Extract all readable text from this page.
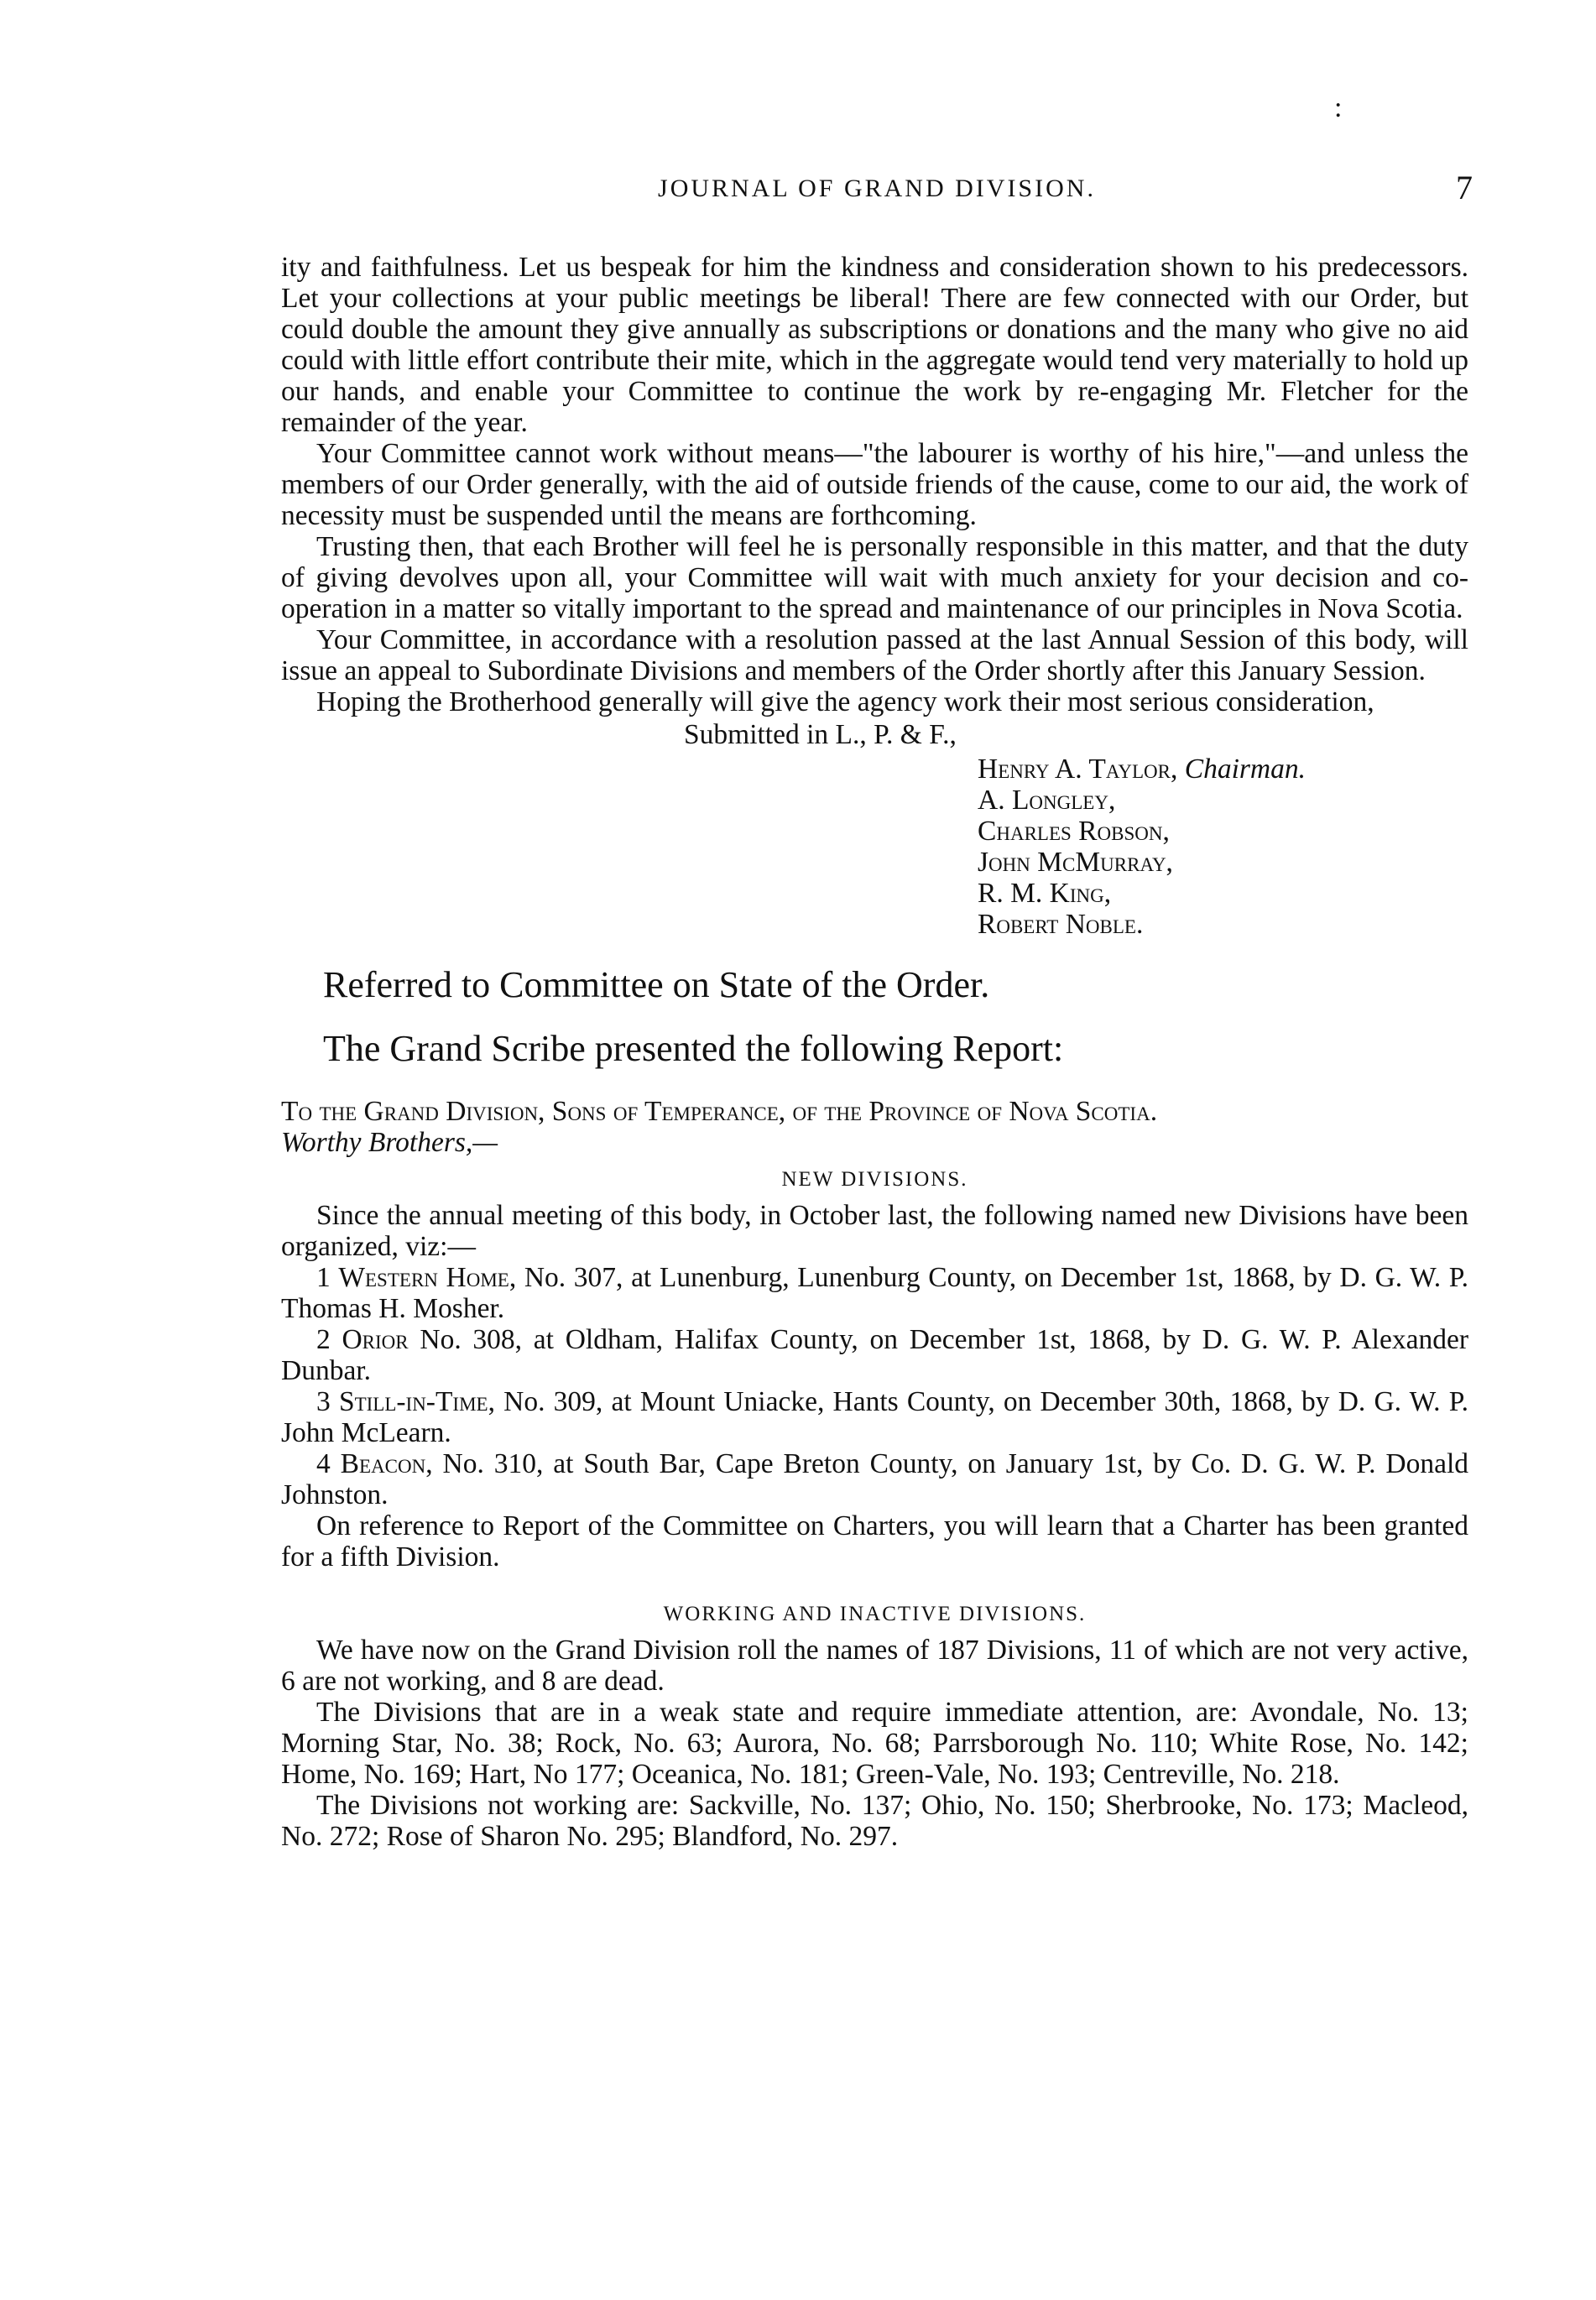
:
JOURNAL OF GRAND DIVISION.	7

ity and faithfulness. Let us bespeak for him the kindness and consideration shown to his predecessors. Let your collections at your public meetings be liberal! There are few connected with our Order, but could double the amount they give annually as subscriptions or donations and the many who give no aid could with little effort contribute their mite, which in the aggregate would tend very materially to hold up our hands, and enable your Committee to continue the work by re-engaging Mr. Fletcher for the remainder of the year.

Your Committee cannot work without means—"the labourer is worthy of his hire,"—and unless the members of our Order generally, with the aid of outside friends of the cause, come to our aid, the work of necessity must be suspended until the means are forthcoming.

Trusting then, that each Brother will feel he is personally responsible in this matter, and that the duty of giving devolves upon all, your Committee will wait with much anxiety for your decision and co-operation in a matter so vitally important to the spread and maintenance of our principles in Nova Scotia.

Your Committee, in accordance with a resolution passed at the last Annual Session of this body, will issue an appeal to Subordinate Divisions and members of the Order shortly after this January Session.

Hoping the Brotherhood generally will give the agency work their most serious consideration,

Submitted in L., P. & F.,

Henry A. Taylor, Chairman.
A. Longley,
Charles Robson,
John McMurray,
R. M. King,
Robert Noble.

Referred to Committee on State of the Order.

The Grand Scribe presented the following Report:

To the Grand Division, Sons of Temperance, of the Province of Nova Scotia.

Worthy Brothers,—

NEW DIVISIONS.

Since the annual meeting of this body, in October last, the following named new Divisions have been organized, viz:—

1 Western Home, No. 307, at Lunenburg, Lunenburg County, on December 1st, 1868, by D. G. W. P. Thomas H. Mosher.

2 Orior No. 308, at Oldham, Halifax County, on December 1st, 1868, by D. G. W. P. Alexander Dunbar.

3 Still-in-Time, No. 309, at Mount Uniacke, Hants County, on December 30th, 1868, by D. G. W. P. John McLearn.

4 Beacon, No. 310, at South Bar, Cape Breton County, on January 1st, by Co. D. G. W. P. Donald Johnston.

On reference to Report of the Committee on Charters, you will learn that a Charter has been granted for a fifth Division.

WORKING AND INACTIVE DIVISIONS.

We have now on the Grand Division roll the names of 187 Divisions, 11 of which are not very active, 6 are not working, and 8 are dead.

The Divisions that are in a weak state and require immediate attention, are: Avondale, No. 13; Morning Star, No. 38; Rock, No. 63; Aurora, No. 68; Parrsborough No. 110; White Rose, No. 142; Home, No. 169; Hart, No 177; Oceanica, No. 181; Green-Vale, No. 193; Centreville, No. 218.

The Divisions not working are: Sackville, No. 137; Ohio, No. 150; Sherbrooke, No. 173; Macleod, No. 272; Rose of Sharon No. 295; Blandford, No. 297.
